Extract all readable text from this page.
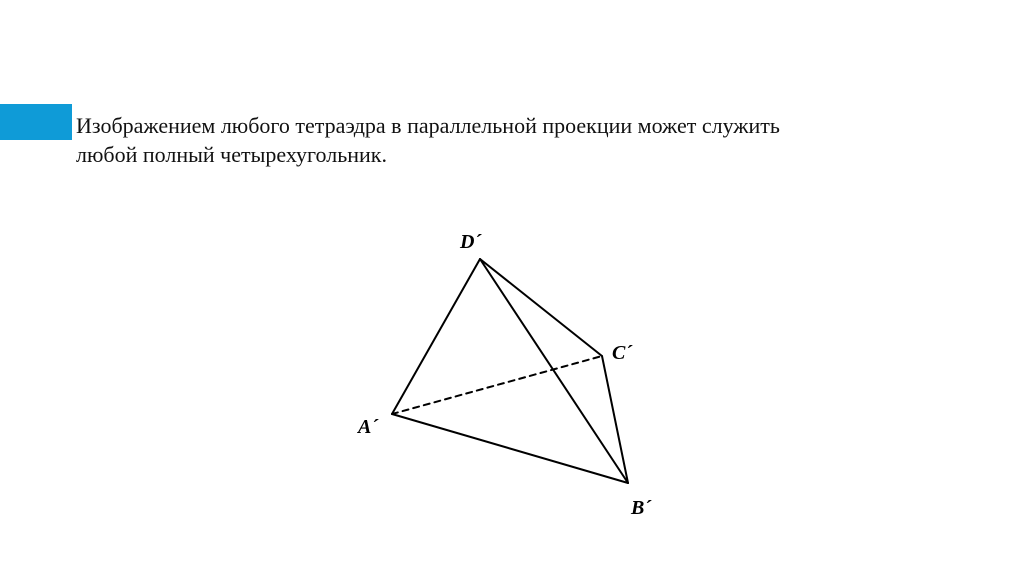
Изображением любого тетраэдра в параллельной проекции может служить

любой полный четырехугольник.

D´
C´
A´
B´
